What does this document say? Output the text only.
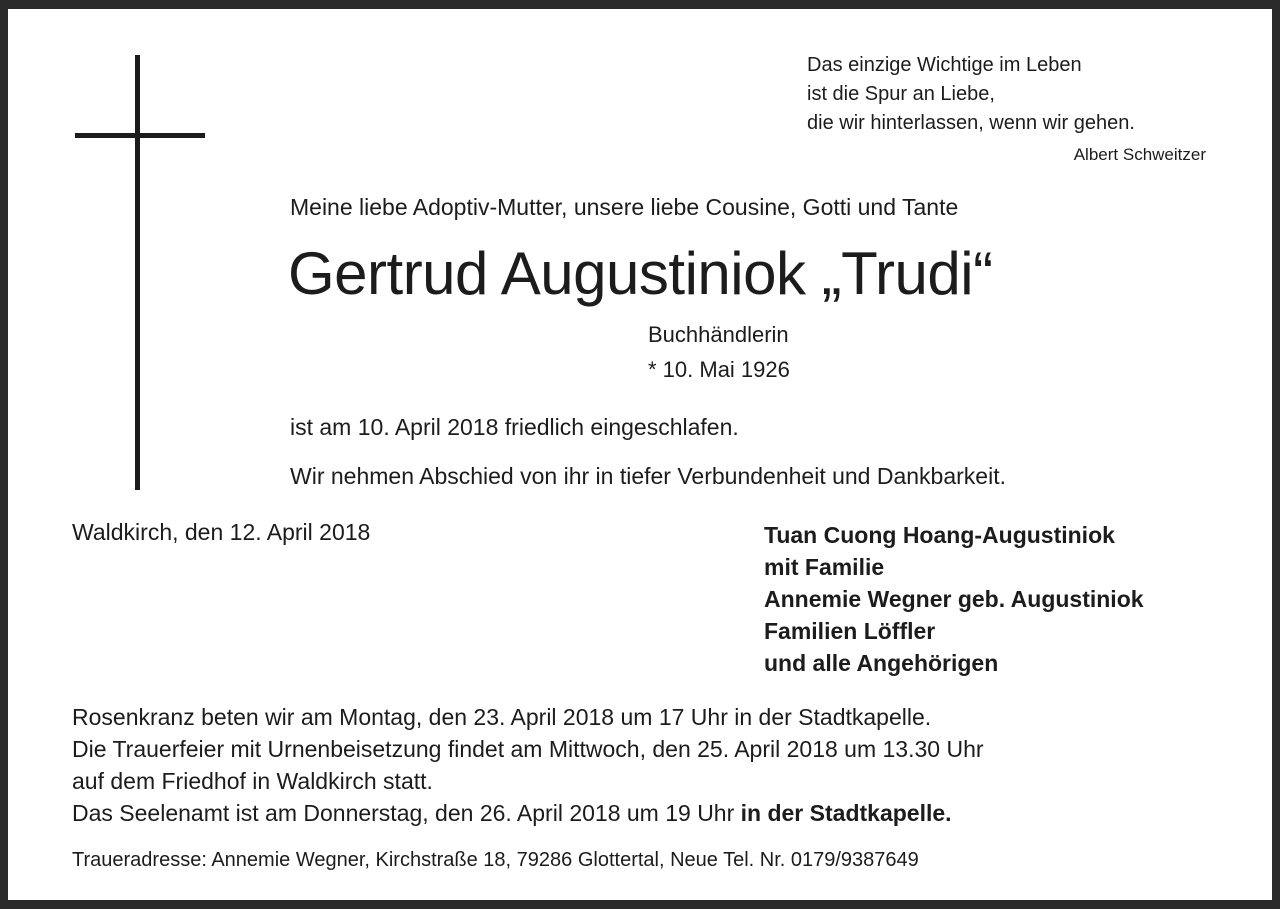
Das einzige Wichtige im Leben
ist die Spur an Liebe,
die wir hinterlassen, wenn wir gehen.
Albert Schweitzer
Meine liebe Adoptiv-Mutter, unsere liebe Cousine, Gotti und Tante
Gertrud Augustiniok „Trudi“
Buchhändlerin
* 10. Mai 1926
ist am 10. April 2018 friedlich eingeschlafen.
Wir nehmen Abschied von ihr in tiefer Verbundenheit und Dankbarkeit.
Waldkirch, den 12. April 2018	Tuan Cuong Hoang-Augustiniok
mit Familie
Annemie Wegner geb. Augustiniok
Familien Löffler
und alle Angehörigen
Rosenkranz beten wir am Montag, den 23. April 2018 um 17 Uhr in der Stadtkapelle.
Die Trauerfeier mit Urnenbeisetzung findet am Mittwoch, den 25. April 2018 um 13.30 Uhr
auf dem Friedhof in Waldkirch statt.
Das Seelenamt ist am Donnerstag, den 26. April 2018 um 19 Uhr in der Stadtkapelle.
Traueradresse: Annemie Wegner, Kirchstraße 18, 79286 Glottertal, Neue Tel. Nr. 0179/9387649
